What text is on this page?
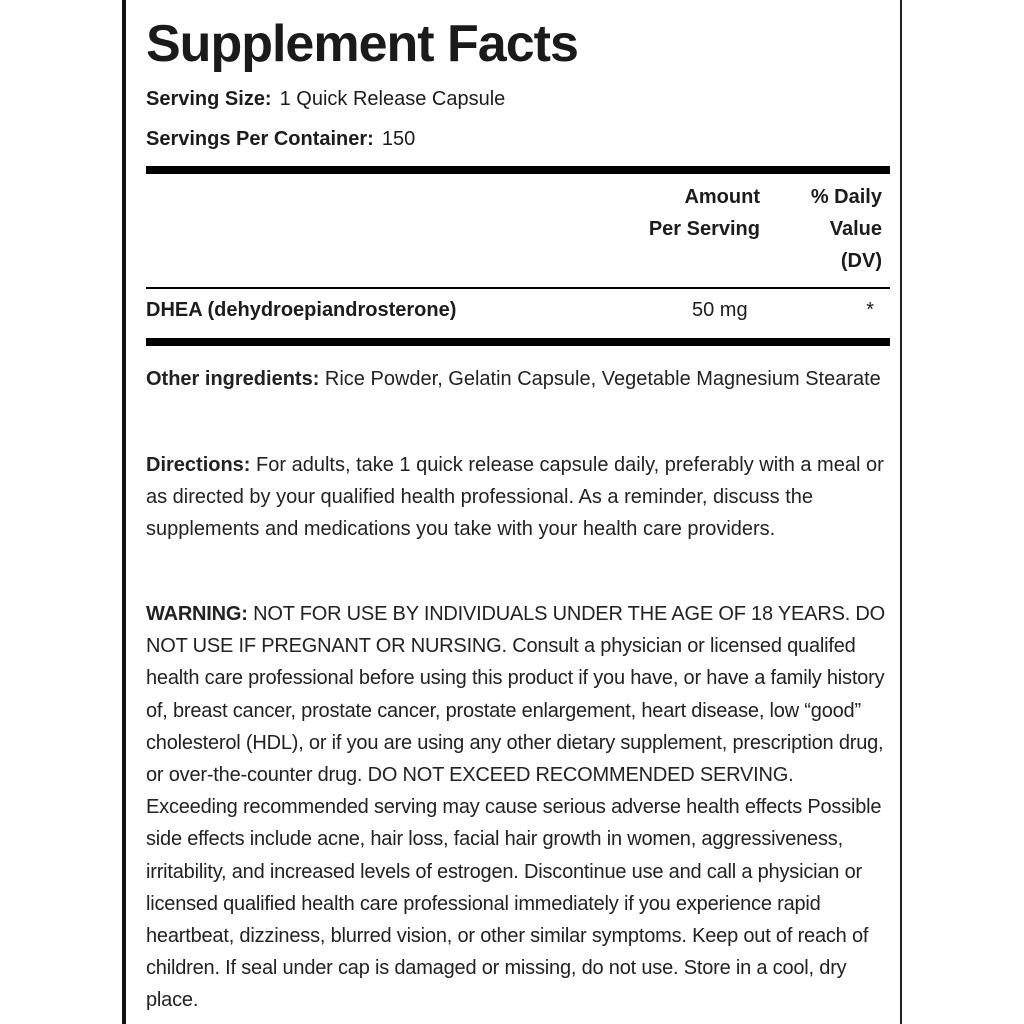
Supplement Facts
Serving Size: 1 Quick Release Capsule
Servings Per Container: 150
Amount
Per Serving
% Daily
Value
(DV)
DHEA (dehydroepiandrosterone)	50 mg	*

Other ingredients: Rice Powder, Gelatin Capsule, Vegetable Magnesium Stearate

Directions: For adults, take 1 quick release capsule daily, preferably with a meal or as directed by your qualified health professional. As a reminder, discuss the supplements and medications you take with your health care providers.

WARNING: NOT FOR USE BY INDIVIDUALS UNDER THE AGE OF 18 YEARS. DO NOT USE IF PREGNANT OR NURSING. Consult a physician or licensed qualifed health care professional before using this product if you have, or have a family history of, breast cancer, prostate cancer, prostate enlargement, heart disease, low “good” cholesterol (HDL), or if you are using any other dietary supplement, prescription drug, or over-the-counter drug. DO NOT EXCEED RECOMMENDED SERVING. Exceeding recommended serving may cause serious adverse health effects Possible side effects include acne, hair loss, facial hair growth in women, aggressiveness, irritability, and increased levels of estrogen. Discontinue use and call a physician or licensed qualified health care professional immediately if you experience rapid heartbeat, dizziness, blurred vision, or other similar symptoms. Keep out of reach of children. If seal under cap is damaged or missing, do not use. Store in a cool, dry place.
